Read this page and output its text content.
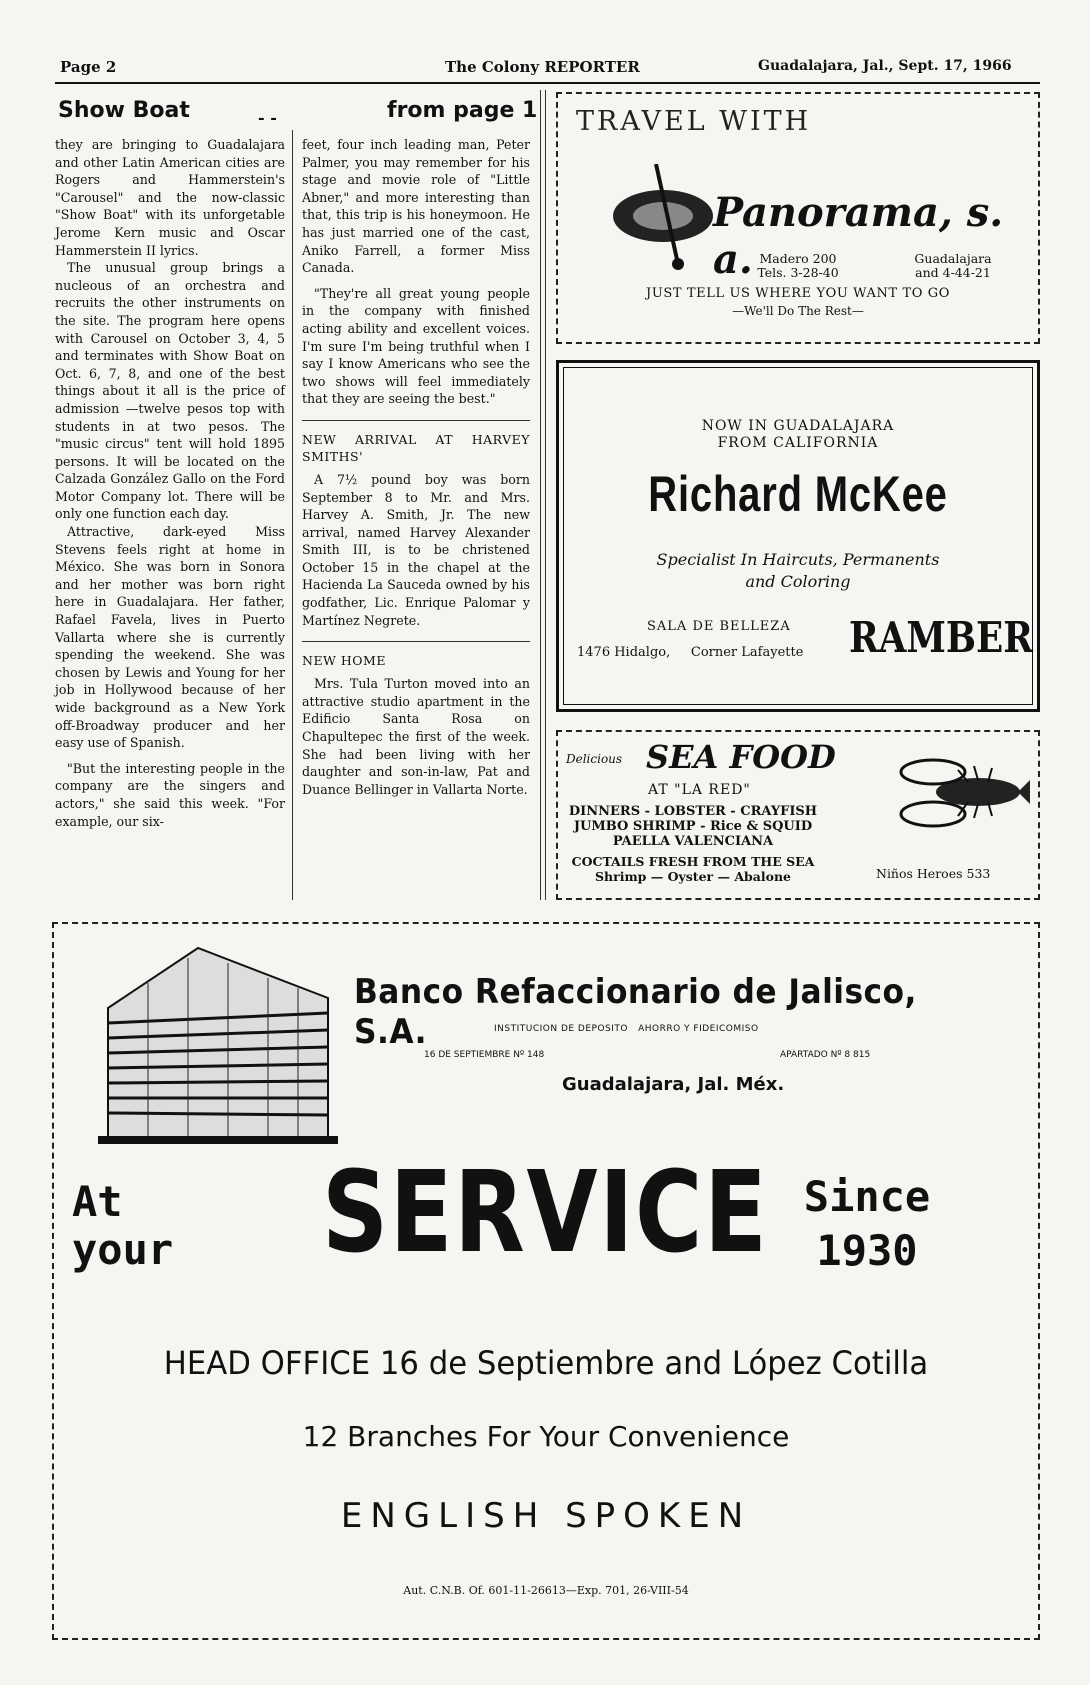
Page 2	The Colony REPORTER	Guadalajara, Jal., Sept. 17, 1966
Show Boat	- -	from page 1

they are bringing to Guadalajara and other Latin American cities are Rogers and Hammerstein's "Carousel" and the now-classic "Show Boat" with its unforgetable Jerome Kern music and Oscar Hammerstein II lyrics.

The unusual group brings a nucleous of an orchestra and recruits the other instruments on the site. The program here opens with Carousel on October 3, 4, 5 and terminates with Show Boat on Oct. 6, 7, 8, and one of the best things about it all is the price of admission —twelve pesos top with students in at two pesos. The "music circus" tent will hold 1895 persons. It will be located on the Calzada González Gallo on the Ford Motor Company lot. There will be only one function each day.

Attractive, dark-eyed Miss Stevens feels right at home in México. She was born in Sonora and her mother was born right here in Guadalajara. Her father, Rafael Favela, lives in Puerto Vallarta where she is currently spending the weekend. She was chosen by Lewis and Young for her job in Hollywood because of her wide background as a New York off-Broadway producer and her easy use of Spanish.

"But the interesting people in the company are the singers and actors," she said this week. "For example, our six-

feet, four inch leading man, Peter Palmer, you may remember for his stage and movie role of "Little Abner," and more interesting than that, this trip is his honeymoon. He has just married one of the cast, Aniko Farrell, a former Miss Canada.

"They're all great young people in the company with finished acting ability and excellent voices. I'm sure I'm being truthful when I say I know Americans who see the two shows will feel immediately that they are seeing the best."

NEW ARRIVAL AT HARVEY SMITHS'

A 7½ pound boy was born September 8 to Mr. and Mrs. Harvey A. Smith, Jr. The new arrival, named Harvey Alexander Smith III, is to be christened October 15 in the chapel at the Hacienda La Sauceda owned by his godfather, Lic. Enrique Palomar y Martínez Negrete.

NEW HOME

Mrs. Tula Turton moved into an attractive studio apartment in the Edificio Santa Rosa on Chapultepec the first of the week. She had been living with her daughter and son-in-law, Pat and Duance Bellinger in Vallarta Norte.

TRAVEL WITH
Panorama, s. a. Madero 200
Tels. 3-28-40
Guadalajara
and 4-44-21
JUST TELL US WHERE YOU WANT TO GO
—We'll Do The Rest—
NOW IN GUADALAJARA
FROM CALIFORNIA
Richard McKee
Specialist In Haircuts, Permanents
and Coloring
SALA DE BELLEZA
1476 Hidalgo,     Corner Lafayette RAMBER
Delicious SEA FOOD
AT "LA RED"
DINNERS - LOBSTER - CRAYFISH
JUMBO SHRIMP - Rice & SQUID
PAELLA VALENCIANA
COCTAILS FRESH FROM THE SEA
Shrimp — Oyster — Abalone	Niños Heroes 533
Banco Refaccionario de Jalisco, S.A.	INSTITUCION DE DEPOSITO   AHORRO Y FIDEICOMISO
16 DE SEPTIEMBRE Nº 148	APARTADO Nº 8 815
Guadalajara, Jal. Méx.
At
your SERVICE Since
1930
HEAD OFFICE 16 de Septiembre and López Cotilla
12 Branches For Your Convenience
ENGLISH SPOKEN
Aut. C.N.B. Of. 601-11-26613—Exp. 701, 26-VIII-54
